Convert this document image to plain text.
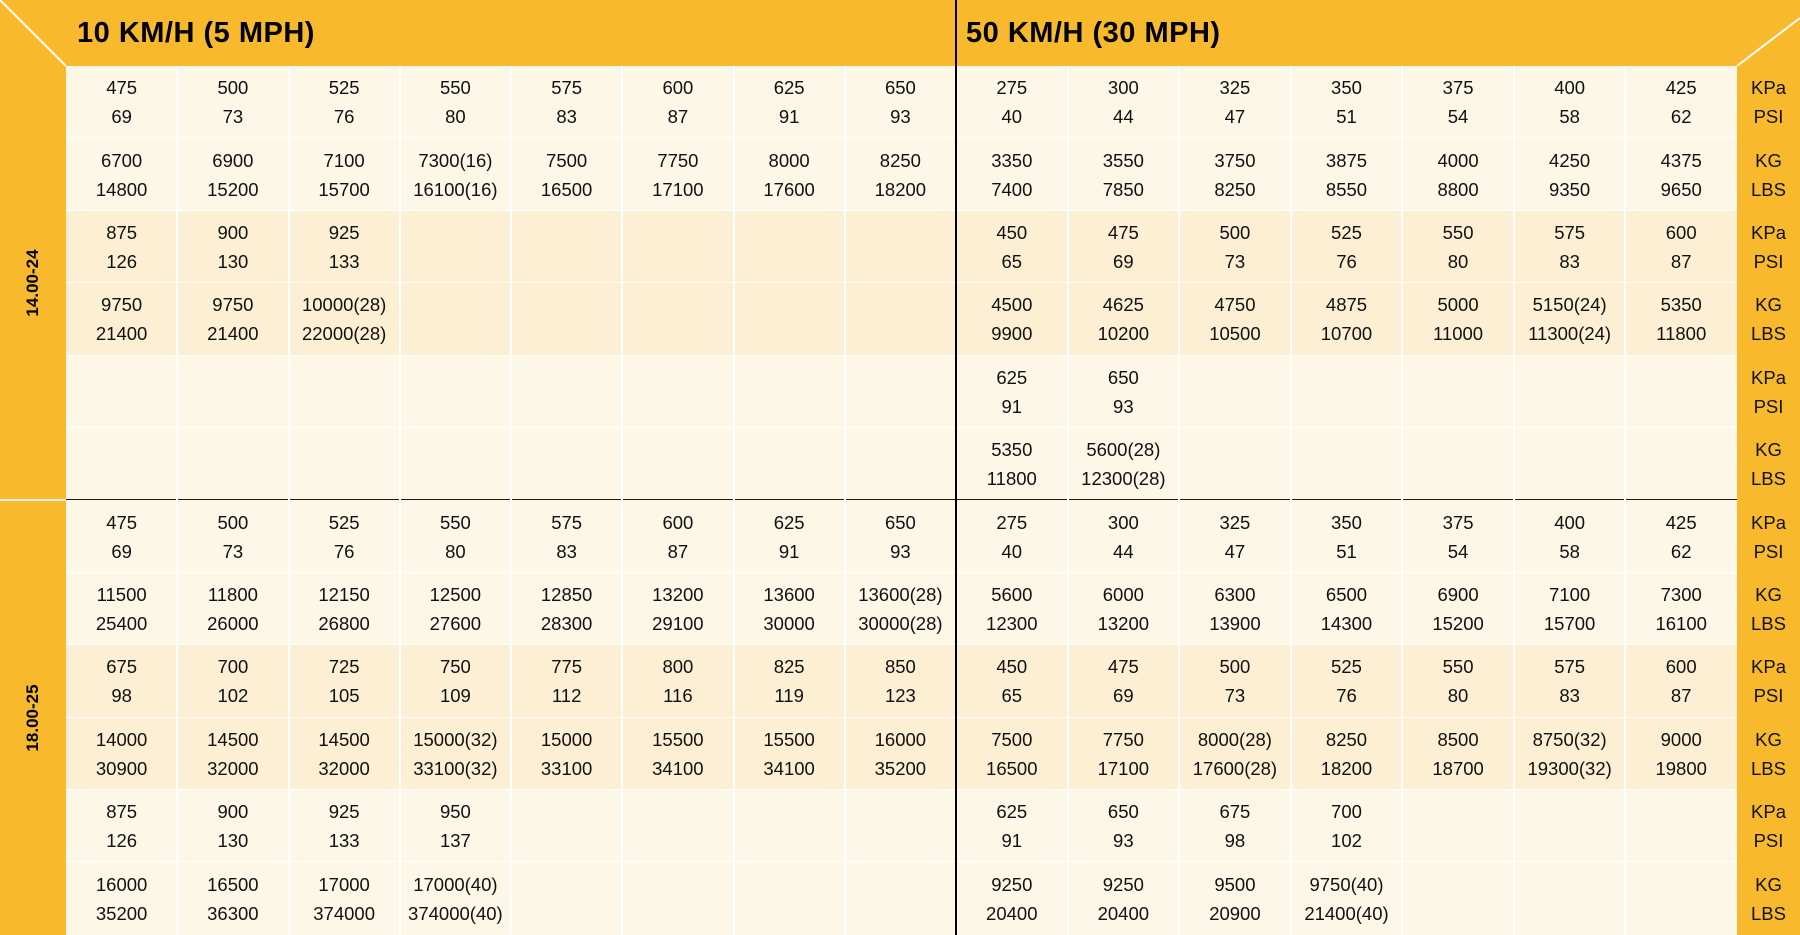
10 KM/H (5 MPH)	50 KM/H (30 MPH)
14.00-24
475
69
500
73
525
76
550
80
575
83
600
87
625
91
650
93
275
40
300
44
325
47
350
51
375
54
400
58
425
62
KPa
PSI
6700
14800
6900
15200
7100
15700
7300(16)
16100(16)
7500
16500
7750
17100
8000
17600
8250
18200
3350
7400
3550
7850
3750
8250
3875
8550
4000
8800
4250
9350
4375
9650
KG
LBS
875
126
900
130
925
133
450
65
475
69
500
73
525
76
550
80
575
83
600
87
KPa
PSI
9750
21400
9750
21400
10000(28)
22000(28)
4500
9900
4625
10200
4750
10500
4875
10700
5000
11000
5150(24)
11300(24)
5350
11800
KG
LBS
625
91
650
93
KPa
PSI
5350
11800
5600(28)
12300(28)
KG
LBS
18.00-25
475
69
500
73
525
76
550
80
575
83
600
87
625
91
650
93
275
40
300
44
325
47
350
51
375
54
400
58
425
62
KPa
PSI
11500
25400
11800
26000
12150
26800
12500
27600
12850
28300
13200
29100
13600
30000
13600(28)
30000(28)
5600
12300
6000
13200
6300
13900
6500
14300
6900
15200
7100
15700
7300
16100
KG
LBS
675
98
700
102
725
105
750
109
775
112
800
116
825
119
850
123
450
65
475
69
500
73
525
76
550
80
575
83
600
87
KPa
PSI
14000
30900
14500
32000
14500
32000
15000(32)
33100(32)
15000
33100
15500
34100
15500
34100
16000
35200
7500
16500
7750
17100
8000(28)
17600(28)
8250
18200
8500
18700
8750(32)
19300(32)
9000
19800
KG
LBS
875
126
900
130
925
133
950
137
625
91
650
93
675
98
700
102
KPa
PSI
16000
35200
16500
36300
17000
374000
17000(40)
374000(40)
9250
20400
9250
20400
9500
20900
9750(40)
21400(40)
KG
LBS
